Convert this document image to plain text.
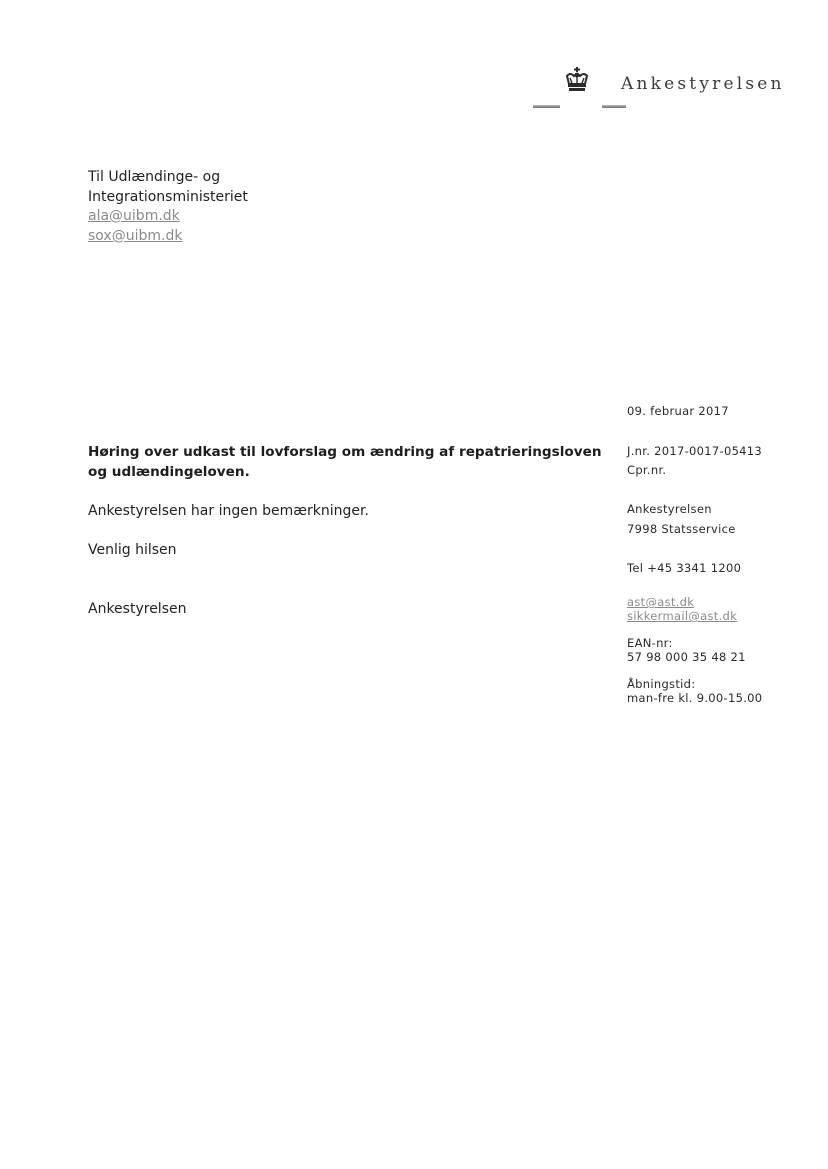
Ankestyrelsen
Til Udlændinge- og
Integrationsministeriet
ala@uibm.dk
sox@uibm.dk
09. februar 2017
J.nr. 2017-0017-05413
Cpr.nr.
Ankestyrelsen
7998 Statsservice
Tel +45 3341 1200
ast@ast.dk
sikkermail@ast.dk
EAN-nr:
57 98 000 35 48 21
Åbningstid:
man-fre kl. 9.00-15.00
Høring over udkast til lovforslag om ændring af repatrieringsloven
og udlændingeloven.
Ankestyrelsen har ingen bemærkninger.
Venlig hilsen
Ankestyrelsen
